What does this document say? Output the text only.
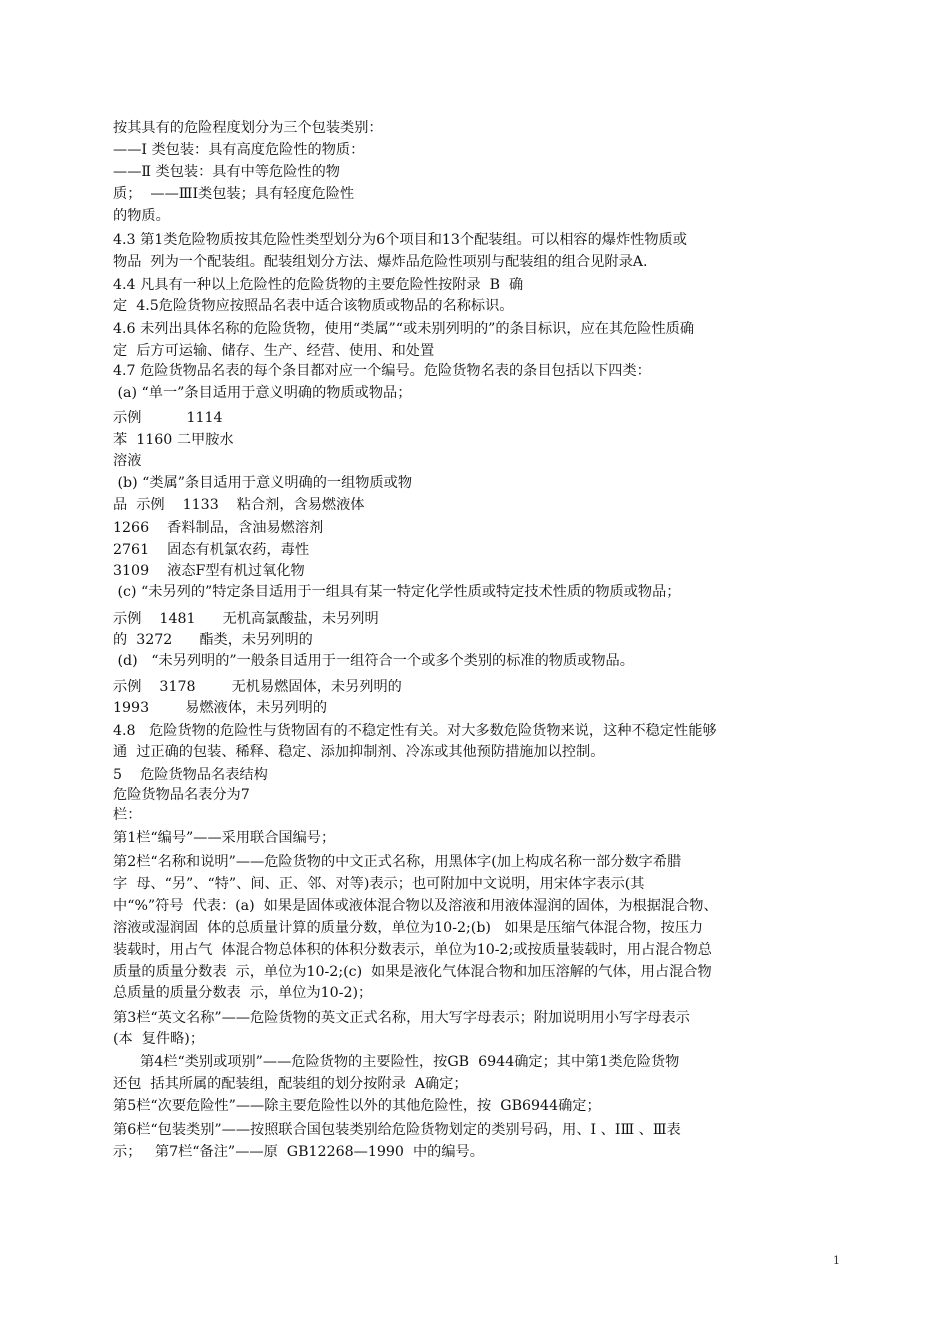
按其具有的危险程度划分为三个包装类别：

——I 类包装：具有高度危险性的物质：

——Ⅱ 类包装：具有中等危险性的物

质；  ——ⅢI类包装；具有轻度危险性

的物质。

4.3 第1类危险物质按其危险性类型划分为6个项目和13个配装组。可以相容的爆炸性物质或

物品  列为一个配装组。配装组划分方法、爆炸品危险性项别与配装组的组合见附录A.

4.4 凡具有一种以上危险性的危险货物的主要危险性按附录  B  确

定  4.5危险货物应按照品名表中适合该物质或物品的名称标识。

4.6 未列出具体名称的危险货物，使用“类属”“或未别列明的”的条目标识，应在其危险性质确

定  后方可运输、储存、生产、经营、使用、和处置

4.7 危险货物品名表的每个条目都对应一个编号。危险货物名表的条目包括以下四类：

(a) “单一”条目适用于意义明确的物质或物品；

示例          1114

苯  1160 二甲胺水

溶液

(b) “类属”条目适用于意义明确的一组物质或物

品  示例    1133    粘合剂，含易燃液体

1266    香料制品，含油易燃溶剂

2761    固态有机氯农药，毒性

3109    液态F型有机过氧化物

(c) “未另列的”特定条目适用于一组具有某一特定化学性质或特定技术性质的物质或物品；

示例    1481      无机高氯酸盐，未另列明

的  3272      酯类，未另列明的

(d)   “未另列明的”一般条目适用于一组符合一个或多个类别的标准的物质或物品。

示例    3178        无机易燃固体，未另列明的

1993        易燃液体，未另列明的

4.8   危险货物的危险性与货物固有的不稳定性有关。对大多数危险货物来说，这种不稳定性能够

通  过正确的包装、稀释、稳定、添加抑制剂、冷冻或其他预防措施加以控制。

5    危险货物品名表结构

危险货物品名表分为7

栏：

第1栏“编号”——采用联合国编号；

第2栏“名称和说明”——危险货物的中文正式名称，用黑体字(加上构成名称一部分数字希腊

字  母、“另”、“特”、间、正、邻、对等)表示；也可附加中文说明，用宋体字表示(其

中“%”符号  代表：(a)  如果是固体或液体混合物以及溶液和用液体湿润的固体，为根据混合物、

溶液或湿润固  体的总质量计算的质量分数，单位为10-2;(b)   如果是压缩气体混合物，按压力

装载时，用占气  体混合物总体积的体积分数表示，单位为10-2;或按质量装载时，用占混合物总

质量的质量分数表  示，单位为10-2;(c)  如果是液化气体混合物和加压溶解的气体，用占混合物

总质量的质量分数表  示，单位为10-2)；

第3栏“英文名称”——危险货物的英文正式名称，用大写字母表示；附加说明用小写字母表示

(本  复件略)；

第4栏“类别或项别”——危险货物的主要险性，按GB  6944确定；其中第1类危险货物

还包  括其所属的配装组，配装组的划分按附录  A确定；

第5栏“次要危险性”——除主要危险性以外的其他危险性，按  GB6944确定；

第6栏“包装类别”——按照联合国包装类别给危险货物划定的类别号码，用、I 、IⅢ 、Ⅲ表

示；   第7栏“备注”——原  GB12268—1990  中的编号。

1
